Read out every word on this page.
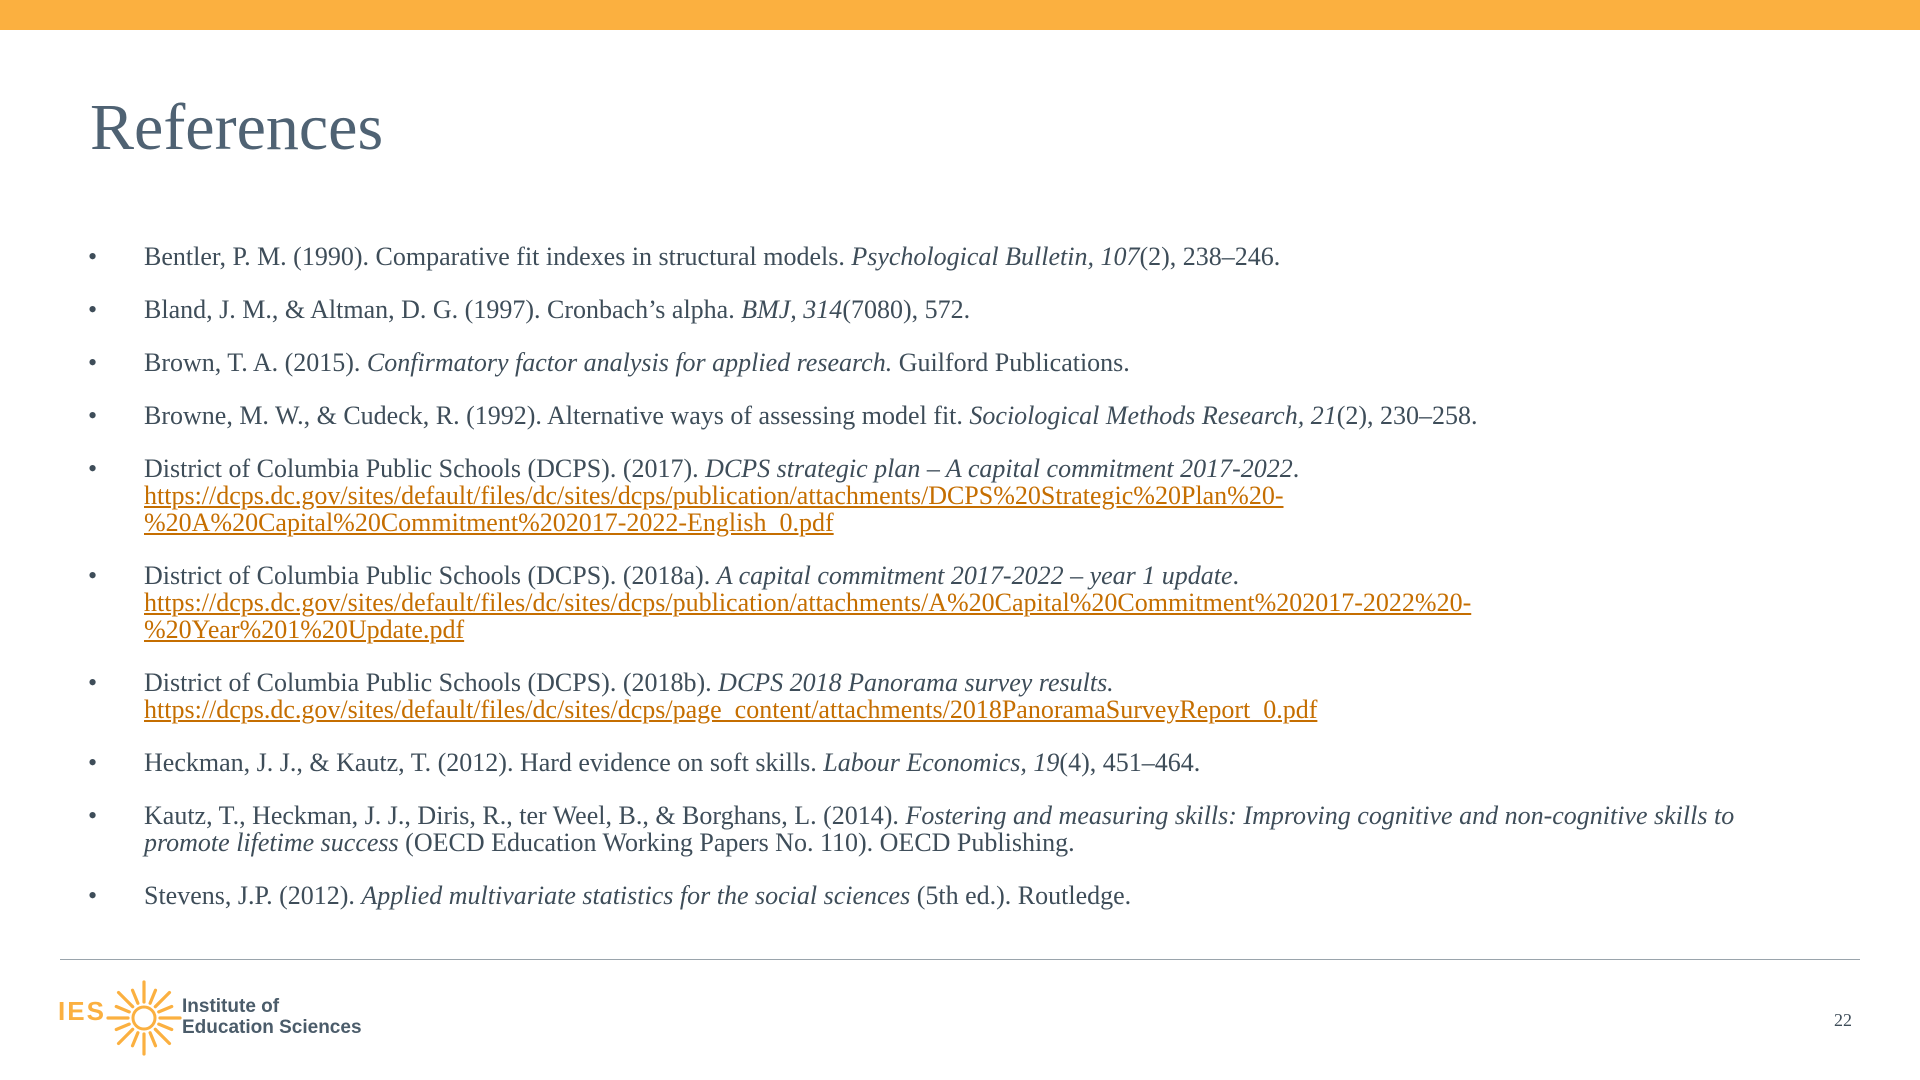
References
•	Bentler, P. M. (1990). Comparative fit indexes in structural models. Psychological Bulletin, 107(2), 238–246.
•	Bland, J. M., & Altman, D. G. (1997). Cronbach’s alpha. BMJ, 314(7080), 572.
•	Brown, T. A. (2015). Confirmatory factor analysis for applied research. Guilford Publications.
•	Browne, M. W., & Cudeck, R. (1992). Alternative ways of assessing model fit. Sociological Methods Research, 21(2), 230–258.
•	District of Columbia Public Schools (DCPS). (2017). DCPS strategic plan – A capital commitment 2017-2022.
https://dcps.dc.gov/sites/default/files/dc/sites/dcps/publication/attachments/DCPS%20Strategic%20Plan%20-
%20A%20Capital%20Commitment%202017-2022-English_0.pdf
•	District of Columbia Public Schools (DCPS). (2018a). A capital commitment 2017-2022 – year 1 update.
https://dcps.dc.gov/sites/default/files/dc/sites/dcps/publication/attachments/A%20Capital%20Commitment%202017-2022%20-
%20Year%201%20Update.pdf
•	District of Columbia Public Schools (DCPS). (2018b). DCPS 2018 Panorama survey results.
https://dcps.dc.gov/sites/default/files/dc/sites/dcps/page_content/attachments/2018PanoramaSurveyReport_0.pdf
•	Heckman, J. J., & Kautz, T. (2012). Hard evidence on soft skills. Labour Economics, 19(4), 451–464.
•	Kautz, T., Heckman, J. J., Diris, R., ter Weel, B., & Borghans, L. (2014). Fostering and measuring skills: Improving cognitive and non-cognitive skills to promote lifetime success (OECD Education Working Papers No. 110). OECD Publishing.
•	Stevens, J.P. (2012). Applied multivariate statistics for the social sciences (5th ed.). Routledge.
IES	Institute of
Education Sciences	22
